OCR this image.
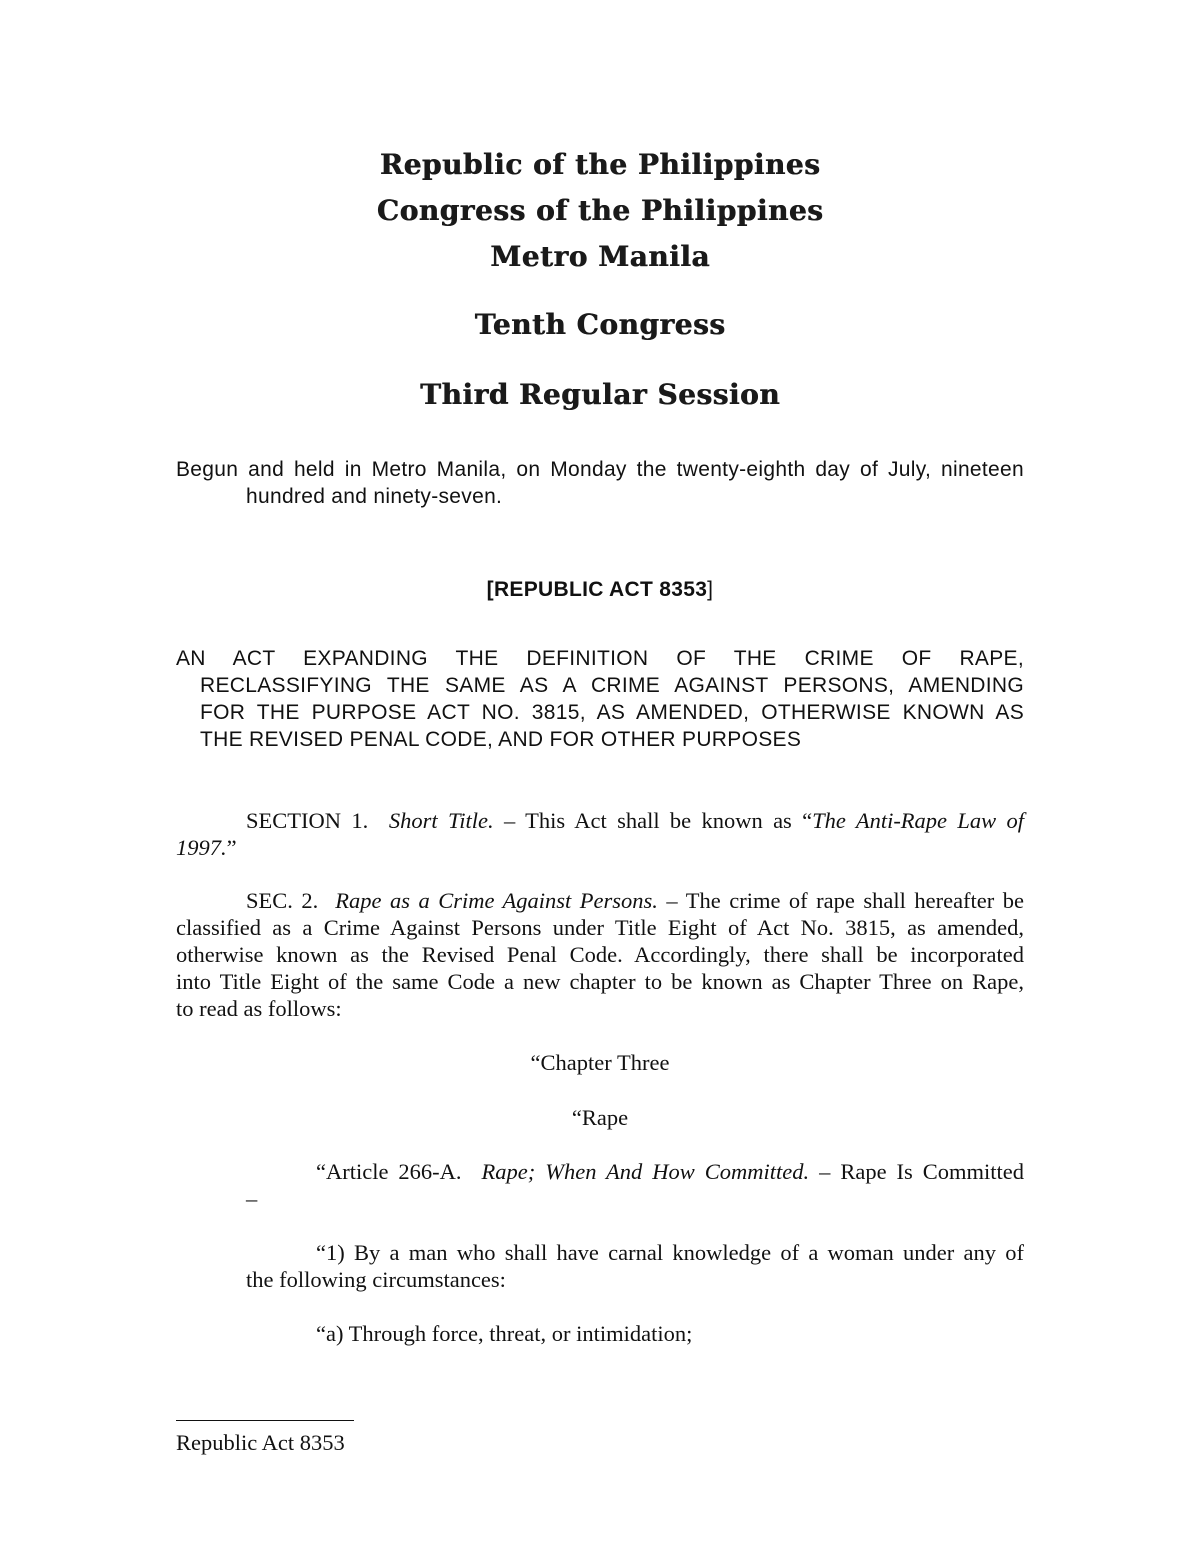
Republic of the Philippines
Congress of the Philippines
Metro Manila
Tenth Congress
Third Regular Session
Begun and held in Metro Manila, on Monday the twenty-eighth day of July, nineteen
hundred and ninety-seven.
[REPUBLIC ACT 8353]
AN ACT EXPANDING THE DEFINITION OF THE CRIME OF RAPE,
RECLASSIFYING THE SAME AS A CRIME AGAINST PERSONS, AMENDING
FOR THE PURPOSE ACT NO. 3815, AS AMENDED, OTHERWISE KNOWN AS
THE REVISED PENAL CODE, AND FOR OTHER PURPOSES
SECTION 1. Short Title. – This Act shall be known as “The Anti-Rape Law of
1997.”
SEC. 2. Rape as a Crime Against Persons. – The crime of rape shall hereafter be
classified as a Crime Against Persons under Title Eight of Act No. 3815, as amended,
otherwise known as the Revised Penal Code. Accordingly, there shall be incorporated
into Title Eight of the same Code a new chapter to be known as Chapter Three on Rape,
to read as follows:
“Chapter Three
“Rape
“Article 266-A. Rape; When And How Committed. – Rape Is Committed
–
“1) By a man who shall have carnal knowledge of a woman under any of
the following circumstances:
“a) Through force, threat, or intimidation;
Republic Act 8353
